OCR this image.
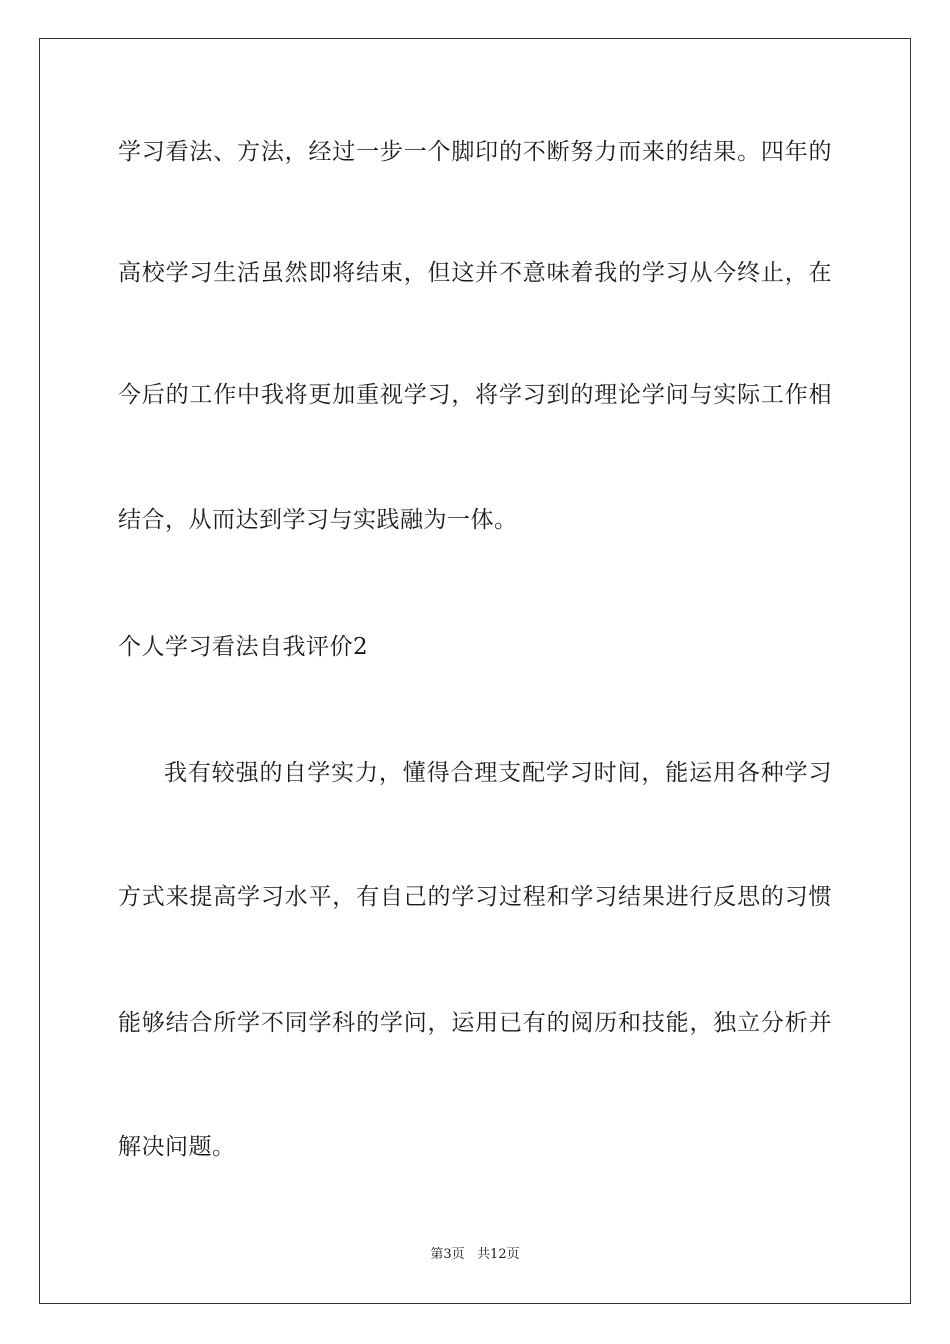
学习看法、方法，经过一步一个脚印的不断努力而来的结果。四年的
高校学习生活虽然即将结束，但这并不意味着我的学习从今终止，在
今后的工作中我将更加重视学习，将学习到的理论学问与实际工作相
结合，从而达到学习与实践融为一体。
个人学习看法自我评价2
我有较强的自学实力，懂得合理支配学习时间，能运用各种学习
方式来提高学习水平，有自己的学习过程和学习结果进行反思的习惯
能够结合所学不同学科的学问，运用已有的阅历和技能，独立分析并
解决问题。
第3页   共12页
